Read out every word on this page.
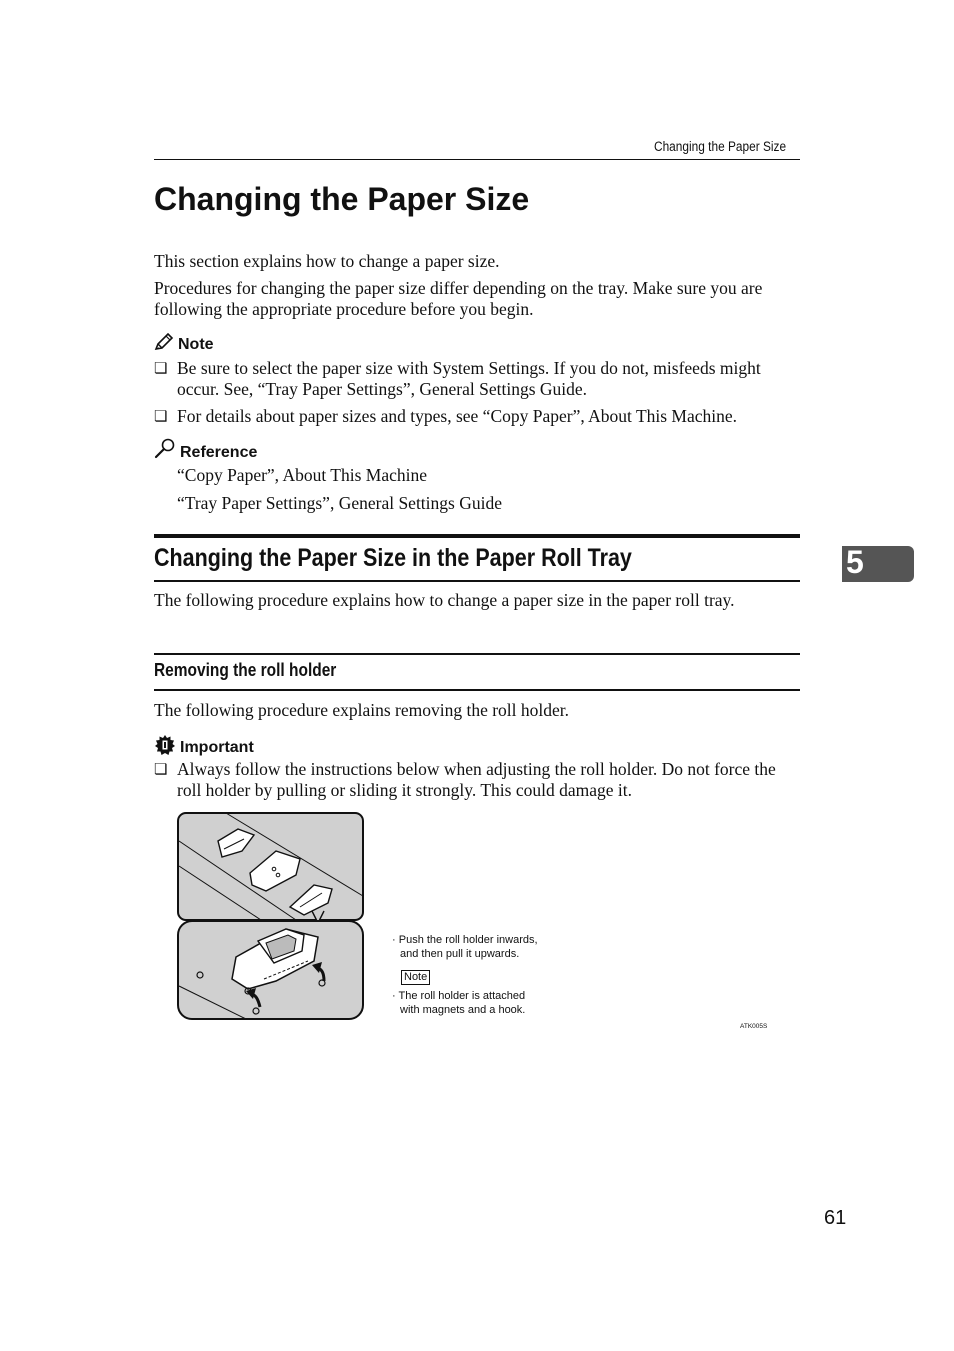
Changing the Paper Size
Changing the Paper Size
This section explains how to change a paper size.
Procedures for changing the paper size differ depending on the tray. Make sure you are following the appropriate procedure before you begin.
Note
❏ Be sure to select the paper size with System Settings. If you do not, misfeeds might occur. See, “Tray Paper Settings”, General Settings Guide.
❏ For details about paper sizes and types, see “Copy Paper”, About This Machine.
Reference
“Copy Paper”, About This Machine
“Tray Paper Settings”, General Settings Guide
Changing the Paper Size in the Paper Roll Tray
The following procedure explains how to change a paper size in the paper roll tray.
5
Removing the roll holder
The following procedure explains removing the roll holder.
Important
❏ Always follow the instructions below when adjusting the roll holder. Do not force the roll holder by pulling or sliding it strongly. This could damage it.
· Push the roll holder inwards,
and then pull it upwards.
Note
· The roll holder is attached
with magnets and a hook.
ATK005S
61
